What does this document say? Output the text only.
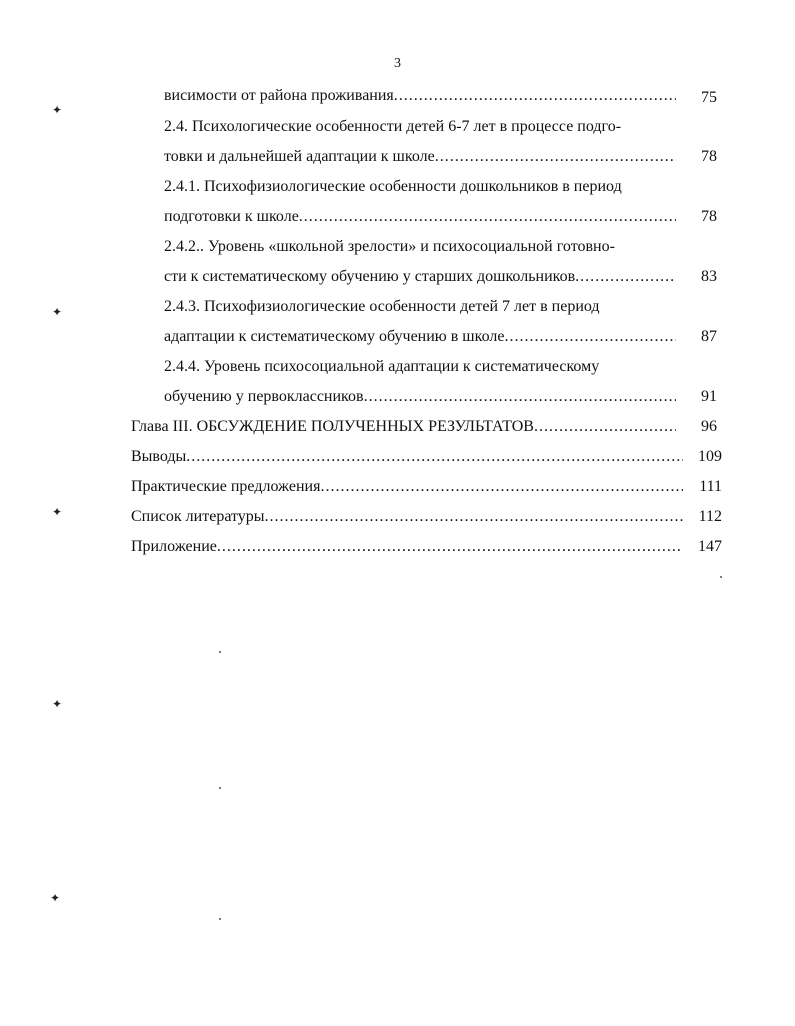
3
висимости от района проживания .....	75
2.4. Психологические особенности детей 6-7 лет в процессе подго-
товки и дальнейшей адаптации к школе .....	78
2.4.1. Психофизиологические особенности дошкольников в период
подготовки к школе .....	78
2.4.2.. Уровень «школьной зрелости» и психосоциальной готовно-
сти к систематическому обучению у старших дошкольников .....	83
2.4.3. Психофизиологические особенности детей 7 лет в период
адаптации к систематическому обучению в школе .....	87
2.4.4. Уровень психосоциальной адаптации к систематическому
обучению у первоклассников .....	91
Глава III. ОБСУЖДЕНИЕ ПОЛУЧЕННЫХ РЕЗУЛЬТАТОВ .....	96
Выводы .....	109
Практические предложения .....	111
Список литературы .....	112
Приложение .....	147
✦
✦
✦
✦
✦
